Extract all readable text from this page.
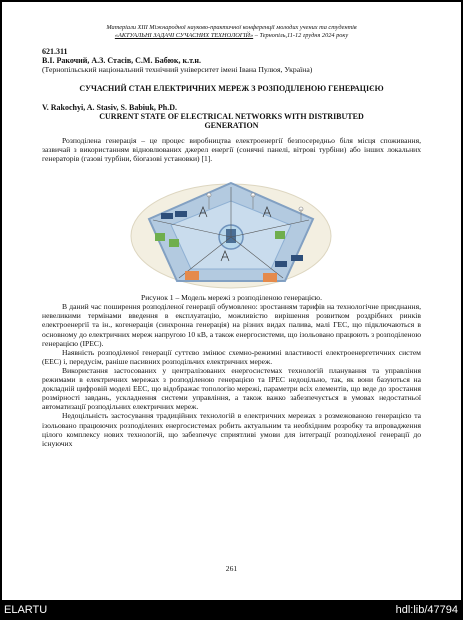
Матеріали XIII Міжнародної науково-практичної конференції молодих учених та студентів
«АКТУАЛЬНІ ЗАДАЧІ СУЧАСНИХ ТЕХНОЛОГІЙ» – Тернопіль,11-12 грудня 2024 року
621.311
В.І. Ракочий, А.З. Стасів, С.М. Бабюк, к.т.н.
(Тернопільський національний технічний університет імені Івана Пулюя, Україна)
СУЧАСНИЙ СТАН ЕЛЕКТРИЧНИХ МЕРЕЖ З РОЗПОДІЛЕНОЮ ГЕНЕРАЦІЄЮ
V. Rakochyi, A. Stasiv, S. Babiuk, Ph.D.
CURRENT STATE OF ELECTRICAL NETWORKS WITH DISTRIBUTED
GENERATION

Розподілена генерація – це процес виробництва електроенергії безпосередньо біля місця споживання, зазвичай з використанням відновлюваних джерел енергії (сонячні панелі, вітрові турбіни) або інших локальних генераторів (газові турбіни, біогазові установки) [1].

Рисунок 1 – Модель мережі з розподіленою генерацією.

В даний час поширення розподіленої генерації обумовлено: зростанням тарифів на технологічне приєднання, невеликими термінами введення в експлуатацію, можливістю вирішення розвитком роздрібних ринків електроенергії та ін., когенерація (синхронна генерація) на різних видах палива, малі ГЕС, що підключаються в основному до електричних мереж напругою 10 кВ, а також енергосистеми, що ізольовано працюють з розподіленою генерацією (ІРЕС).

Наявність розподіленої генерації суттєво змінює схемно-режимні властивості електроенергетичних систем (ЕЕС) і, передусім, раніше пасивних розподільчих електричних мереж.

Використання застосованих у централізованих енергосистемах технологій планування та управління режимами в електричних мережах з розподіленою генерацією та ІРЕС недоцільно, так, як вони базуються на докладній цифровій моделі ЕЕС, що відображає топологію мережі, параметри всіх елементів, що веде до зростання розмірності завдань, ускладнення системи управління, а також важко забезпечується в умовах недостатньої автоматизації розподільних електричних мереж.

Недоцільність застосування традиційних технологій в електричних мережах з розмежованою генерацією та ізольовано працюючих розподілених енергосистемах робить актуальним та необхідним розробку та впровадження цілого комплексу нових технологій, що забезпечує сприятливі умови для інтеграції розподіленої генерації до існуючих

261
ELARTU	hdl:lib/47794
